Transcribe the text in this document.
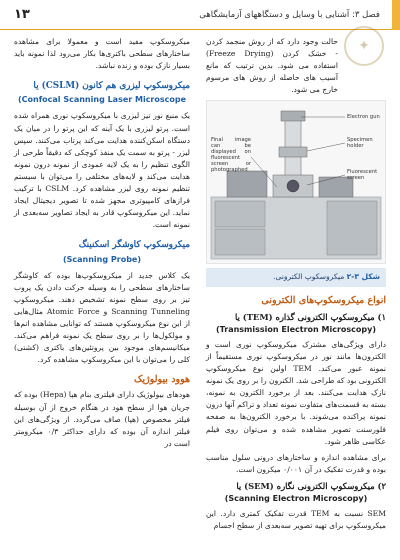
۱۳	فصل ۳: آشنایی با وسایل و دستگاههای آزمایشگاهی
✦

حالت وجود دارد که از روش منجمد کردن - خشک کردن (Freeze Drying) استفاده می شود. بدین ترتیب که مانع آسیب های حاصله از روش های مرسوم خارج می شود.

Electron gun
Specimen holder
Fluorescent screen
Final image can be displayed on fluorescent screen or photographed
شکل ۳-۲ میکروسکوپ الکترونی.
انواع میکروسکوپ‌های الکترونی
۱) میکروسکوپ الکترونی گذاره (TEM) یا
(Transmission Electron Microscopy)

دارای ویژگی‌های مشترک میکروسکوپ نوری است و الکترون‌ها مانند نور در میکروسکوپ نوری مستقیماً از نمونه عبور می‌کند. TEM اولین نوع میکروسکوپ الکترونی بود که طراحی شد. الکترون را بر روی یک نمونه نازک هدایت می‌کنند. بعد از برخورد الکترون به نمونه، بسته به قسمت‌های متفاوت نمونه تعداد و تراکم آنها درون نمونه پراکنده می‌شوند. با برخورد الکترون‌ها به صفحه فلورسنت تصویر مشاهده شده و می‌توان روی فیلم عکاسی ظاهر شود.

برای مشاهده اندازه و ساختارهای درونی سلول مناسب بوده و قدرت تفکیک در آن ۰/۰۰۱ میکرون است.

۲) میکروسکوپ الکترونی نگاره (SEM) یا
(Scanning Electron Microscopy)

SEM نسبت به TEM قدرت تفکیک کمتری دارد. این میکروسکوپ برای تهیه تصویر سه‌بعدی از سطح اجسام

میکروسکوپ مفید است و معمولا برای مشاهده ساختارهای سطحی باکتری‌ها بکار می‌رود لذا نمونه باید بسیار نازک بوده و زنده نباشد.

میکروسکوپ لیزری هم کانون (CSLM) یا
(Confocal Scanning Laser Microscope

یک منبع نور تیز لیزری با میکروسکوپ نوری همراه شده است. پرتو لیزری با یک آینه که این پرتو را در میان یک دستگاه اسکن‌کننده هدایت می‌کند پرتاب می‌کنند. سپس لیزر - پرتو به سمت یک منفذ کوچکی که دقیقاً طرحی از الگوی تنظیم را به یک لایه عمودی از نمونه درون نمونه هدایت می‌کند و لایه‌های مختلفی را می‌توان با سیستم تنظیم نمونه روی لیزر مشاهده کرد. CSLM با ترکیب فرازهای کامپیوتری مجهز شده تا تصویر دیجیتال ایجاد نماید. این میکروسکوپ قادر به ایجاد تصاویر سه‌بعدی از نمونه است.

میکروسکوپ کاوشگر اسکنینگ
(Scanning Probe)

یک کلاس جدید از میکروسکوپ‌ها بوده که کاوشگر ساختارهای سطحی را به وسیله حرکت دادن یک پروب تیز بر روی سطح نمونه تشخیص دهند. میکروسکوپ Scanning Tunneling و Atomic Force مثال‌هایی از این نوع میکروسکوپ هستند که توانایی مشاهده اتم‌ها و مولکول‌ها را بر روی سطح یک نمونه فراهم می‌کند. میکانیسم‌های موجود بین پروتئین‌های باکتری (کشتی) کلی را می‌توان با این میکروسکوپ مشاهده کرد.

هوود بیولوژیک

هودهای بیولوژیک دارای فیلتری بنام هپا (Hepa) بوده که جریان هوا از سطح هود در هنگام خروج از آن بوسیله فیلتر مخصوص (هپا) صاف می‌گردد. از ویژگی‌های این فیلتر اندازه آن بوده که دارای حداکثر ۰/۳ میکرومتر است در
